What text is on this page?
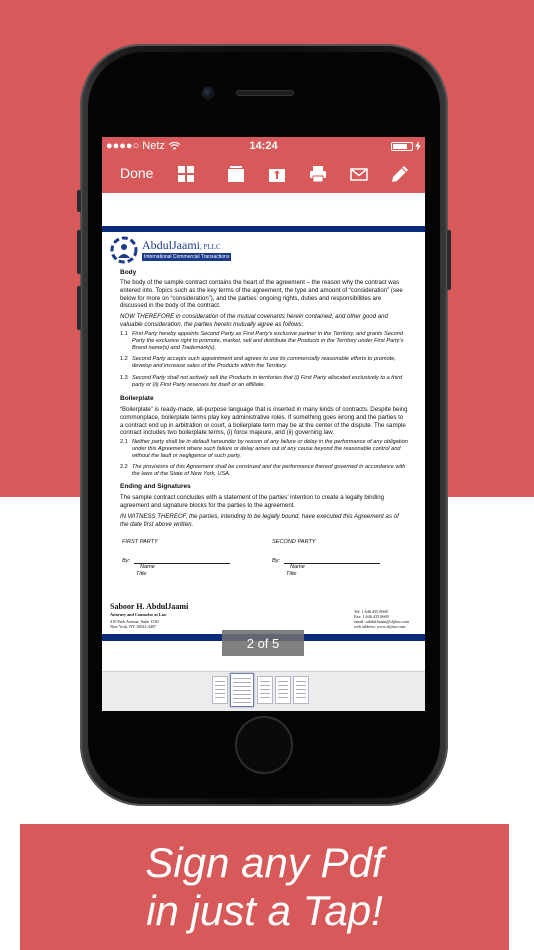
●●●●○ Netz	14:24
Done
AbdulJaami, PLLC
International Commercial Transactions
Body
The body of the sample contract contains the heart of the agreement – the reason why the contract was entered into. Topics such as the key terms of the agreement, the type and amount of “consideration” (see below for more on “consideration”), and the parties’ ongoing rights, duties and responsibilities are discussed in the body of the contract.
NOW THEREFORE in consideration of the mutual covenants herein contained, and other good and valuable consideration, the parties hereto mutually agree as follows:
1.1 First Party hereby appoints Second Party as First Party’s exclusive partner in the Territory, and grants Second Party the exclusive right to promote, market, sell and distribute the Products in the Territory under First Party’s Brand name(s) and Trademark(s).
1.2 Second Party accepts such appointment and agrees to use its commercially reasonable efforts to promote, develop and increase sales of the Products within the Territory.
1.3 Second Party shall not actively sell the Products in territories that (i) First Party allocated exclusively to a third party or (ii) First Party reserves for itself or an affiliate.
Boilerplate
“Boilerplate” is ready-made, all-purpose language that is inserted in many kinds of contracts. Despite being commonplace, boilerplate terms play key administrative roles. If something goes wrong and the parties to a contract end up in arbitration or court, a boilerplate term may be at the center of the dispute. The sample contract includes two boilerplate terms, (i) force majeure, and (ii) governing law.
2.1 Neither party shall be in default hereunder by reason of any failure or delay in the performance of any obligation under this Agreement where such failure or delay arises out of any cause beyond the reasonable control and without the fault or negligence of such party.
2.2 The provisions of this Agreement shall be construed and the performance thereof governed in accordance with the laws of the State of New York, USA.
Ending and Signatures
The sample contract concludes with a statement of the parties’ intention to create a legally binding agreement and signature blocks for the parties to the agreement.
IN WITNESS THEREOF, the parties, intending to be legally bound, have executed this Agreement as of the date first above written.
FIRST PARTY	SECOND PARTY
By:
Name
Title
By:
Name
Title
Saboor H. AbdulJaami
Attorney and Counselor at Law
410 Park Avenue, Suite 1530
New York, NY 10022-4407
Tel: 1.646.435.0668
Fax: 1.646.435.0669
email: sabdulJaami@shjlaw.com
web address: www.shjlaw.com
2 of 5
Sign any Pdf
in just a Tap!
